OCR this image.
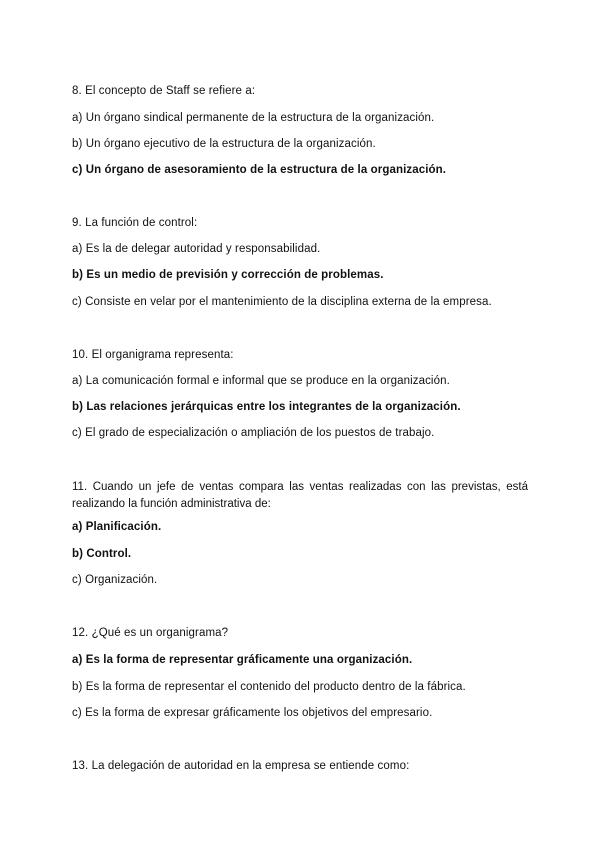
8. El concepto de Staff se refiere a:
a) Un órgano sindical permanente de la estructura de la organización.
b) Un órgano ejecutivo de la estructura de la organización.
c) Un órgano de asesoramiento de la estructura de la organización.
9. La función de control:
a) Es la de delegar autoridad y responsabilidad.
b) Es un medio de previsión y corrección de problemas.
c) Consiste en velar por el mantenimiento de la disciplina externa de la empresa.
10. El organigrama representa:
a) La comunicación formal e informal que se produce en la organización.
b) Las relaciones jerárquicas entre los integrantes de la organización.
c) El grado de especialización o ampliación de los puestos de trabajo.
11. Cuando un jefe de ventas compara las ventas realizadas con las previstas, está realizando la función administrativa de:
a) Planificación.
b) Control.
c) Organización.
12. ¿Qué es un organigrama?
a) Es la forma de representar gráficamente una organización.
b) Es la forma de representar el contenido del producto dentro de la fábrica.
c) Es la forma de expresar gráficamente los objetivos del empresario.
13. La delegación de autoridad en la empresa se entiende como:
